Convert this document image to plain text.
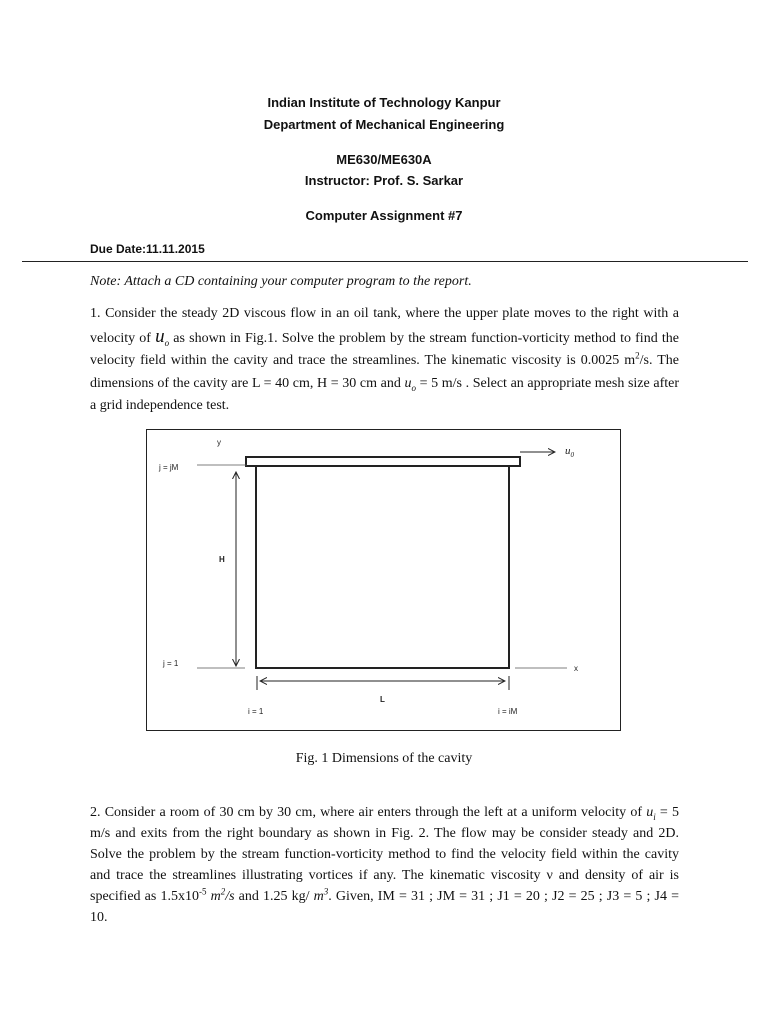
Indian Institute of Technology Kanpur
Department of Mechanical Engineering
ME630/ME630A
Instructor: Prof. S. Sarkar
Computer Assignment #7
Due Date:11.11.2015
Note: Attach a CD containing your computer program to the report.
1. Consider the steady 2D viscous flow in an oil tank, where the upper plate moves to the right with a velocity of $u_o$ as shown in Fig.1. Solve the problem by the stream function-vorticity method to find the velocity field within the cavity and trace the streamlines. The kinematic viscosity is 0.0025 $m^2/s$. The dimensions of the cavity are L = 40 cm, H = 30 cm and $u_o = 5$ m/s . Select an appropriate mesh size after a grid independence test.
y
j = jM
H
j = 1
x
L
i = 1	i = iM
$u_0$
Fig. 1 Dimensions of the cavity
2. Consider a room of 30 cm by 30 cm, where air enters through the left at a uniform velocity of $u_i = 5$ m/s and exits from the right boundary as shown in Fig. 2. The flow may be consider steady and 2D. Solve the problem by the stream function-vorticity method to find the velocity field within the cavity and trace the streamlines illustrating vortices if any. The kinematic viscosity ν and density of air is specified as $1.5x10^{-5}$ $m^2/s$ and 1.25 kg/ $m^3$. Given, IM = 31 ; JM = 31 ; J1 = 20 ; J2 = 25 ; J3 = 5 ; J4 = 10.
